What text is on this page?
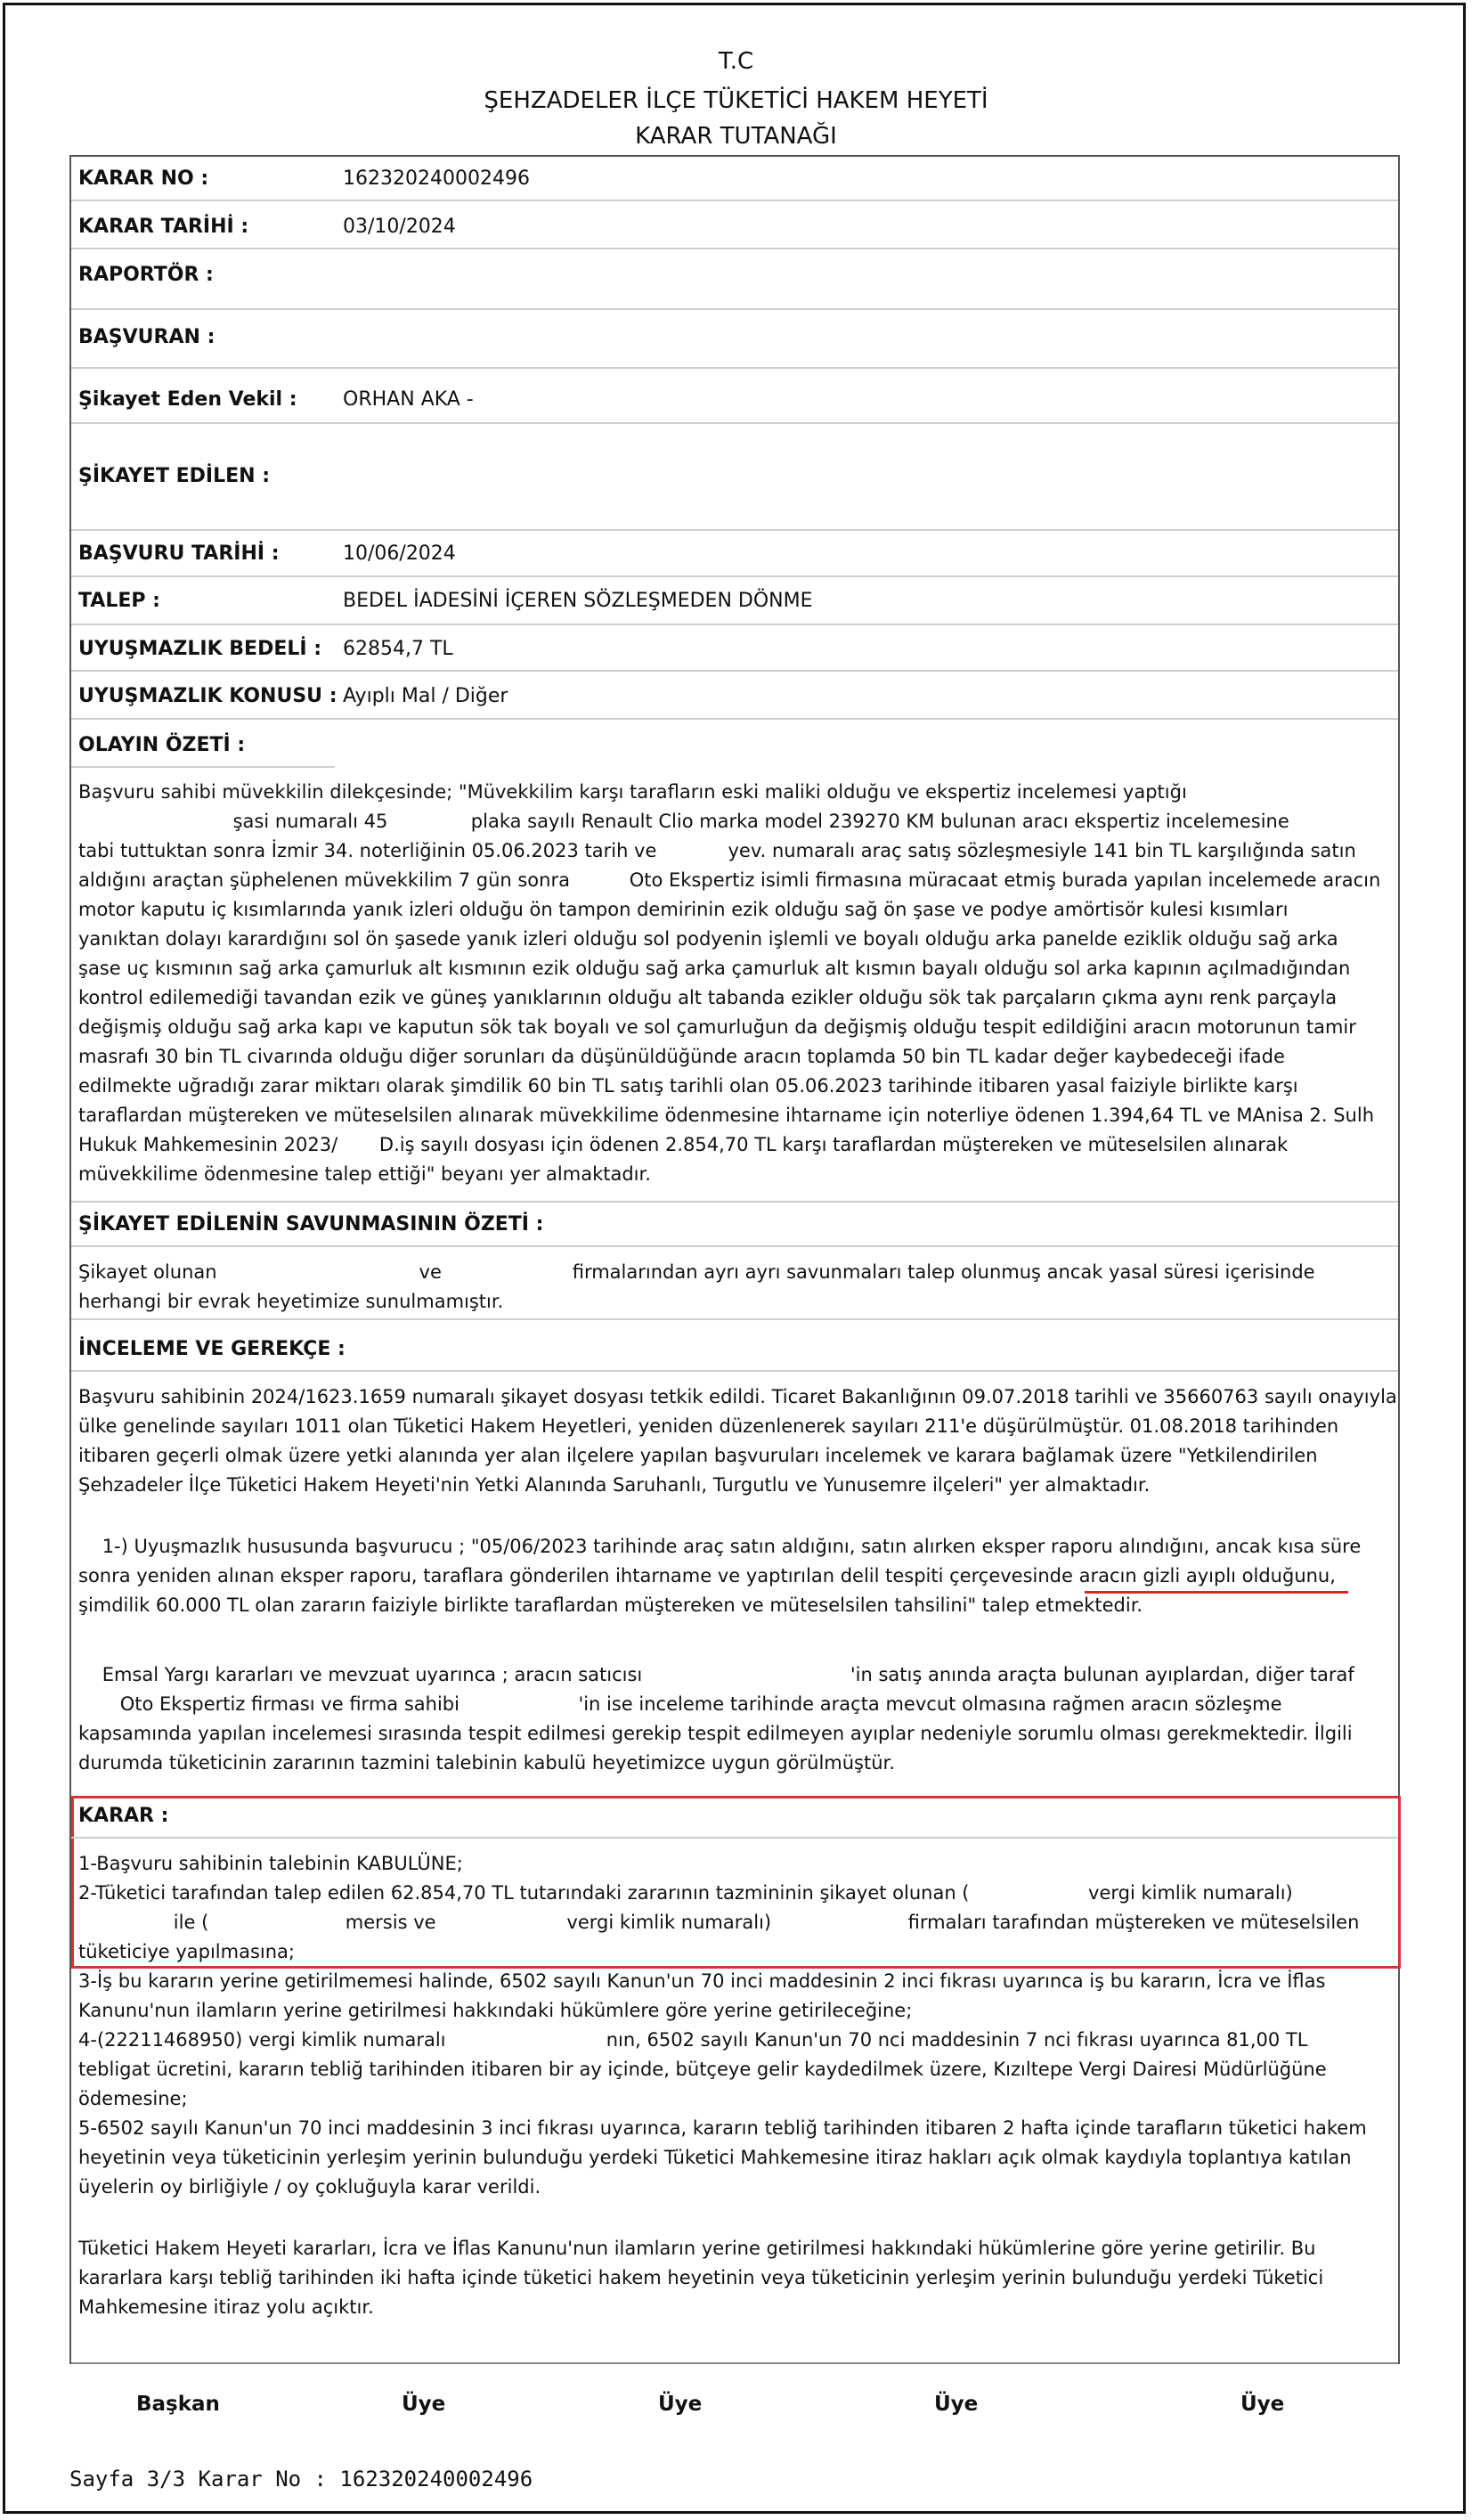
T.C
ŞEHZADELER İLÇE TÜKETİCİ HAKEM HEYETİ
KARAR TUTANAĞI
KARAR NO :	162320240002496
KARAR TARİHİ :	03/10/2024
RAPORTÖR :
BAŞVURAN :
Şikayet Eden Vekil : ORHAN AKA -
ŞİKAYET EDİLEN :
BAŞVURU TARİHİ :	10/06/2024
TALEP :	BEDEL İADESİNİ İÇEREN SÖZLEŞMEDEN DÖNME
UYUŞMAZLIK BEDELİ : 62854,7 TL
UYUŞMAZLIK KONUSU : Ayıplı Mal / Diğer
OLAYIN ÖZETİ :

Başvuru sahibi müvekkilin dilekçesinde; "Müvekkilim karşı tarafların eski maliki olduğu ve ekspertiz incelemesi yaptığı

şasi numaralı 45              plaka sayılı Renault Clio marka model 239270 KM bulunan aracı ekspertiz incelemesine

tabi tuttuktan sonra İzmir 34. noterliğinin 05.06.2023 tarih ve            yev. numaralı araç satış sözleşmesiyle 141 bin TL karşılığında satın

aldığını araçtan şüphelenen müvekkilim 7 gün sonra          Oto Ekspertiz isimli firmasına müracaat etmiş burada yapılan incelemede aracın

motor kaputu iç kısımlarında yanık izleri olduğu ön tampon demirinin ezik olduğu sağ ön şase ve podye amörtisör kulesi kısımları

yanıktan dolayı karardığını sol ön şasede yanık izleri olduğu sol podyenin işlemli ve boyalı olduğu arka panelde eziklik olduğu sağ arka

şase uç kısmının sağ arka çamurluk alt kısmının ezik olduğu sağ arka çamurluk alt kısmın bayalı olduğu sol arka kapının açılmadığından

kontrol edilemediği tavandan ezik ve güneş yanıklarının olduğu alt tabanda ezikler olduğu sök tak parçaların çıkma aynı renk parçayla

değişmiş olduğu sağ arka kapı ve kaputun sök tak boyalı ve sol çamurluğun da değişmiş olduğu tespit edildiğini aracın motorunun tamir

masrafı 30 bin TL civarında olduğu diğer sorunları da düşünüldüğünde aracın toplamda 50 bin TL kadar değer kaybedeceği ifade

edilmekte uğradığı zarar miktarı olarak şimdilik 60 bin TL satış tarihli olan 05.06.2023 tarihinde itibaren yasal faiziyle birlikte karşı

taraflardan müştereken ve müteselsilen alınarak müvekkilime ödenmesine ihtarname için noterliye ödenen 1.394,64 TL ve MAnisa 2. Sulh

Hukuk Mahkemesinin 2023/       D.iş sayılı dosyası için ödenen 2.854,70 TL karşı taraflardan müştereken ve müteselsilen alınarak

müvekkilime ödenmesine talep ettiği" beyanı yer almaktadır.

ŞİKAYET EDİLENİN SAVUNMASININ ÖZETİ :

Şikayet olunan                                  ve                      firmalarından ayrı ayrı savunmaları talep olunmuş ancak yasal süresi içerisinde

herhangi bir evrak heyetimize sunulmamıştır.

İNCELEME VE GEREKÇE :

Başvuru sahibinin 2024/1623.1659 numaralı şikayet dosyası tetkik edildi. Ticaret Bakanlığının 09.07.2018 tarihli ve 35660763 sayılı onayıyla

ülke genelinde sayıları 1011 olan Tüketici Hakem Heyetleri, yeniden düzenlenerek sayıları 211'e düşürülmüştür. 01.08.2018 tarihinden

itibaren geçerli olmak üzere yetki alanında yer alan ilçelere yapılan başvuruları incelemek ve karara bağlamak üzere "Yetkilendirilen

Şehzadeler İlçe Tüketici Hakem Heyeti'nin Yetki Alanında Saruhanlı, Turgutlu ve Yunusemre ilçeleri" yer almaktadır.

1-) Uyuşmazlık hususunda başvurucu ; "05/06/2023 tarihinde araç satın aldığını, satın alırken eksper raporu alındığını, ancak kısa süre

sonra yeniden alınan eksper raporu, taraflara gönderilen ihtarname ve yaptırılan delil tespiti çerçevesinde aracın gizli ayıplı olduğunu,

şimdilik 60.000 TL olan zararın faiziyle birlikte taraflardan müştereken ve müteselsilen tahsilini" talep etmektedir.

Emsal Yargı kararları ve mevzuat uyarınca ; aracın satıcısı                                   'in satış anında araçta bulunan ayıplardan, diğer taraf

Oto Ekspertiz firması ve firma sahibi                    'in ise inceleme tarihinde araçta mevcut olmasına rağmen aracın sözleşme

kapsamında yapılan incelemesi sırasında tespit edilmesi gerekip tespit edilmeyen ayıplar nedeniyle sorumlu olması gerekmektedir. İlgili

durumda tüketicinin zararının tazmini talebinin kabulü heyetimizce uygun görülmüştür.

KARAR :

1-Başvuru sahibinin talebinin KABULÜNE;

2-Tüketici tarafından talep edilen 62.854,70 TL tutarındaki zararının tazmininin şikayet olunan (                    vergi kimlik numaralı)

ile (                       mersis ve                      vergi kimlik numaralı)                       firmaları tarafından müştereken ve müteselsilen

tüketiciye yapılmasına;

3-İş bu kararın yerine getirilmemesi halinde, 6502 sayılı Kanun'un 70 inci maddesinin 2 inci fıkrası uyarınca iş bu kararın, İcra ve İflas

Kanunu'nun ilamların yerine getirilmesi hakkındaki hükümlere göre yerine getirileceğine;

4-(22211468950) vergi kimlik numaralı                           nın, 6502 sayılı Kanun'un 70 nci maddesinin 7 nci fıkrası uyarınca 81,00 TL

tebligat ücretini, kararın tebliğ tarihinden itibaren bir ay içinde, bütçeye gelir kaydedilmek üzere, Kızıltepe Vergi Dairesi Müdürlüğüne

ödemesine;

5-6502 sayılı Kanun'un 70 inci maddesinin 3 inci fıkrası uyarınca, kararın tebliğ tarihinden itibaren 2 hafta içinde tarafların tüketici hakem

heyetinin veya tüketicinin yerleşim yerinin bulunduğu yerdeki Tüketici Mahkemesine itiraz hakları açık olmak kaydıyla toplantıya katılan

üyelerin oy birliğiyle / oy çokluğuyla karar verildi.

Tüketici Hakem Heyeti kararları, İcra ve İflas Kanunu'nun ilamların yerine getirilmesi hakkındaki hükümlerine göre yerine getirilir. Bu

kararlara karşı tebliğ tarihinden iki hafta içinde tüketici hakem heyetinin veya tüketicinin yerleşim yerinin bulunduğu yerdeki Tüketici

Mahkemesine itiraz yolu açıktır.

Başkan	Üye	Üye	Üye	Üye
Sayfa 3/3 Karar No : 162320240002496
